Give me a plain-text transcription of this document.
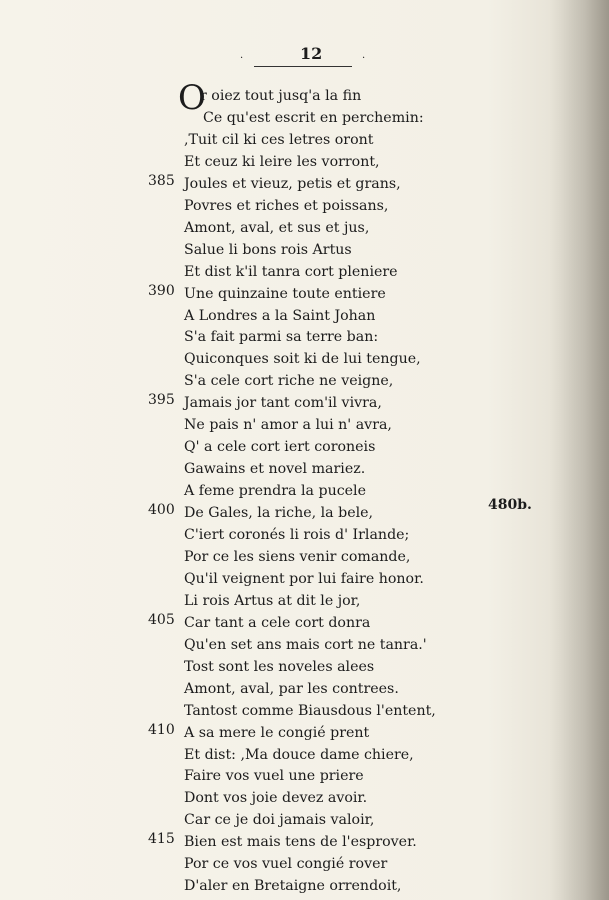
.	12	.
O
r oiez tout jusq'a la fin
Ce qu'est escrit en perchemin:
,Tuit cil ki ces letres oront
Et ceuz ki leire les vorront,
385 Joules et vieuz, petis et grans,
Povres et riches et poissans,
Amont, aval, et sus et jus,
Salue li bons rois Artus
Et dist k'il tanra cort pleniere
390 Une quinzaine toute entiere
A Londres a la Saint Johan
S'a fait parmi sa terre ban:
Quiconques soit ki de lui tengue,
S'a cele cort riche ne veigne,
395 Jamais jor tant com'il vivra,
Ne pais n' amor a lui n' avra,
Q' a cele cort iert coroneis
Gawains et novel mariez.
A feme prendra la pucele
400 De Gales, la riche, la bele,
C'iert coronés li rois d' Irlande;
Por ce les siens venir comande,
Qu'il veignent por lui faire honor.
Li rois Artus at dit le jor,
405 Car tant a cele cort donra
Qu'en set ans mais cort ne tanra.'
Tost sont les noveles alees
Amont, aval, par les contrees.
Tantost comme Biausdous l'entent,
410 A sa mere le congié prent
Et dist: ,Ma douce dame chiere,
Faire vos vuel une priere
Dont vos joie devez avoir.
Car ce je doi jamais valoir,
415 Bien est mais tens de l'esprover.
Por ce vos vuel congié rover
D'aler en Bretaigne orrendoit,
480b.
